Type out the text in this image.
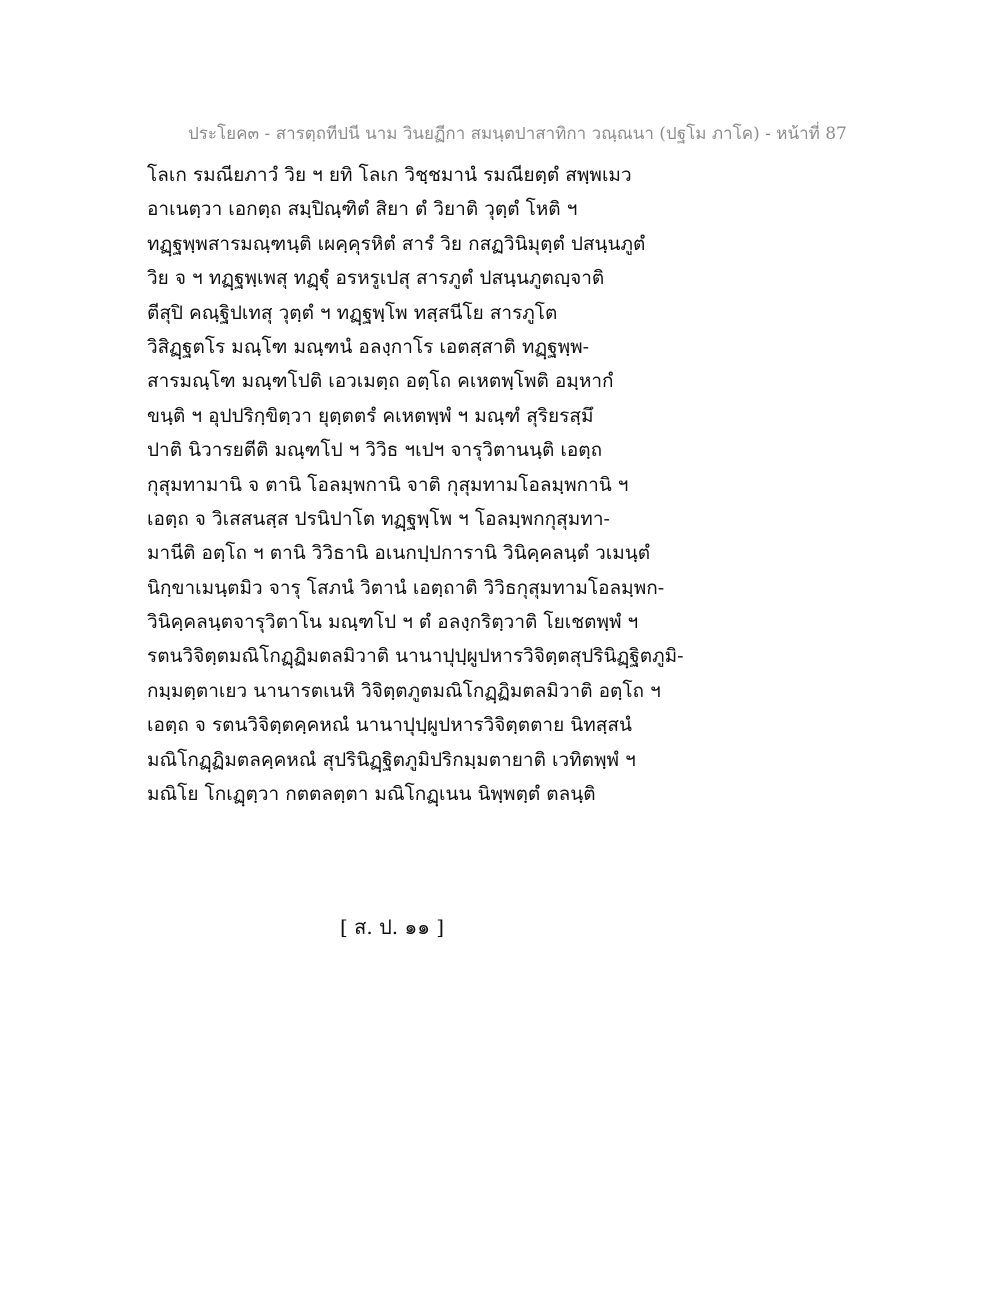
ประโยค๓ - สารตฺถทีปนี นาม วินยฏีกา สมนฺตปาสาทิกา วณฺณนา (ปฐโม ภาโค) - หน้าที่ 87
โลเก รมณียภาวํ วิย ฯ ยทิ โลเก วิชฺชมานํ รมณียตฺตํ สพฺพเมว
อาเนตฺวา เอกตฺถ สมฺปิณฺฑิตํ สิยา ตํ วิยาติ วุตฺตํ โหติ ฯ
ทฏฺฐพฺพสารมณฺฑนฺติ เผคฺคุรหิตํ สารํ วิย กสฏวินิมุตฺตํ ปสนฺนภูตํ
วิย จ ฯ ทฏฺฐพฺเพสุ ทฏฺฐุํ อรหรูเปสุ สารภูตํ ปสนฺนภูตญฺจาติ
ตีสุปิ คณฺฐิปเทสุ วุตฺตํ ฯ ทฏฺฐพฺโพ ทสฺสนีโย สารภูโต
วิสิฏฺฐตโร มณฺโฑ มณฺฑนํ อลงฺกาโร เอตสฺสาติ ทฏฺฐพฺพ-
สารมณฺโฑ มณฺฑโปติ เอวเมตฺถ อตฺโถ คเหตพฺโพติ อมฺหากํ
ขนฺติ ฯ อุปปริกฺขิตฺวา ยุตฺตตรํ คเหตพฺพํ ฯ มณฺฑํ สุริยรสฺมึ
ปาติ นิวารยตีติ มณฺฑโป ฯ วิวิธ ฯเปฯ จารุวิตานนฺติ เอตฺถ
กุสุมทามานิ จ ตานิ โอลมฺพกานิ จาติ กุสุมทามโอลมฺพกานิ ฯ
เอตฺถ จ วิเสสนสฺส ปรนิปาโต ทฏฺฐพฺโพ ฯ โอลมฺพกกุสุมทา-
มานีติ อตฺโถ ฯ ตานิ วิวิธานิ อเนกปฺปการานิ วินิคฺคลนฺตํ วเมนฺตํ
นิกฺขาเมนฺตมิว จารุ โสภนํ วิตานํ เอตฺถาติ วิวิธกุสุมทามโอลมฺพก-
วินิคฺคลนฺตจารุวิตาโน มณฺฑโป ฯ ตํ อลงฺกริตฺวาติ โยเชตพฺพํ ฯ
รตนวิจิตฺตมณิโกฏฺฏิมตลมิวาติ นานาปุปฺผูปหารวิจิตฺตสุปรินิฏฺฐิตภูมิ-
กมฺมตฺตาเยว นานารตเนหิ วิจิตฺตภูตมณิโกฏฺฏิมตลมิวาติ อตฺโถ ฯ
เอตฺถ จ รตนวิจิตฺตคฺคหณํ นานาปุปฺผูปหารวิจิตฺตตาย นิทสฺสนํ
มณิโกฏฺฏิมตลคฺคหณํ สุปรินิฏฺฐิตภูมิปริกมฺมตายาติ เวทิตพฺพํ ฯ
มณิโย โกเฏฺตฺวา กตตลตฺตา มณิโกฏฺเนน นิพฺพตฺตํ ตลนฺติ
[ ส. ป. ๑๑ ]
